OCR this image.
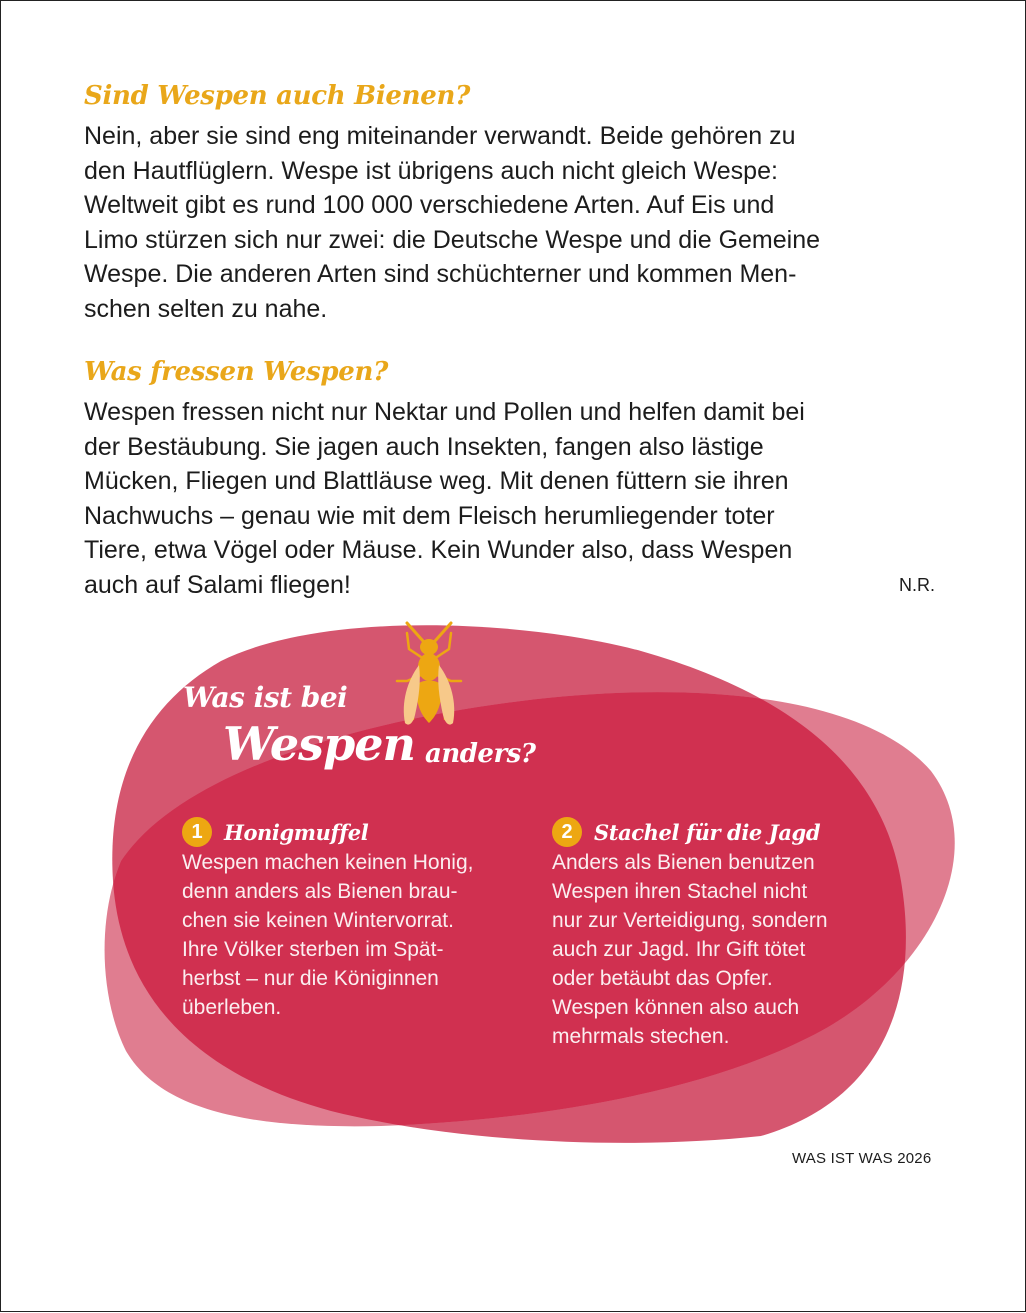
Sind Wespen auch Bienen?

Nein, aber sie sind eng miteinander verwandt. Beide gehören zu
den Hautflüglern. Wespe ist übrigens auch nicht gleich Wespe:
Weltweit gibt es rund 100 000 verschiedene Arten. Auf Eis und
Limo stürzen sich nur zwei: die Deutsche Wespe und die Gemeine
Wespe. Die anderen Arten sind schüchterner und kommen Men-
schen selten zu nahe.

Was fressen Wespen?

Wespen fressen nicht nur Nektar und Pollen und helfen damit bei
der Bestäubung. Sie jagen auch Insekten, fangen also lästige
Mücken, Fliegen und Blattläuse weg. Mit denen füttern sie ihren
Nachwuchs – genau wie mit dem Fleisch herumliegender toter
Tiere, etwa Vögel oder Mäuse. Kein Wunder also, dass Wespen
auch auf Salami fliegen!	N.R.
Was ist bei
Wespen anders?
1	Honigmuffel
Wespen machen keinen Honig,
denn anders als Bienen brau-
chen sie keinen Wintervorrat.
Ihre Völker sterben im Spät-
herbst – nur die Königinnen
überleben.
2	Stachel für die Jagd
Anders als Bienen benutzen
Wespen ihren Stachel nicht
nur zur Verteidigung, sondern
auch zur Jagd. Ihr Gift tötet
oder betäubt das Opfer.
Wespen können also auch
mehrmals stechen.
WAS IST WAS 2026
